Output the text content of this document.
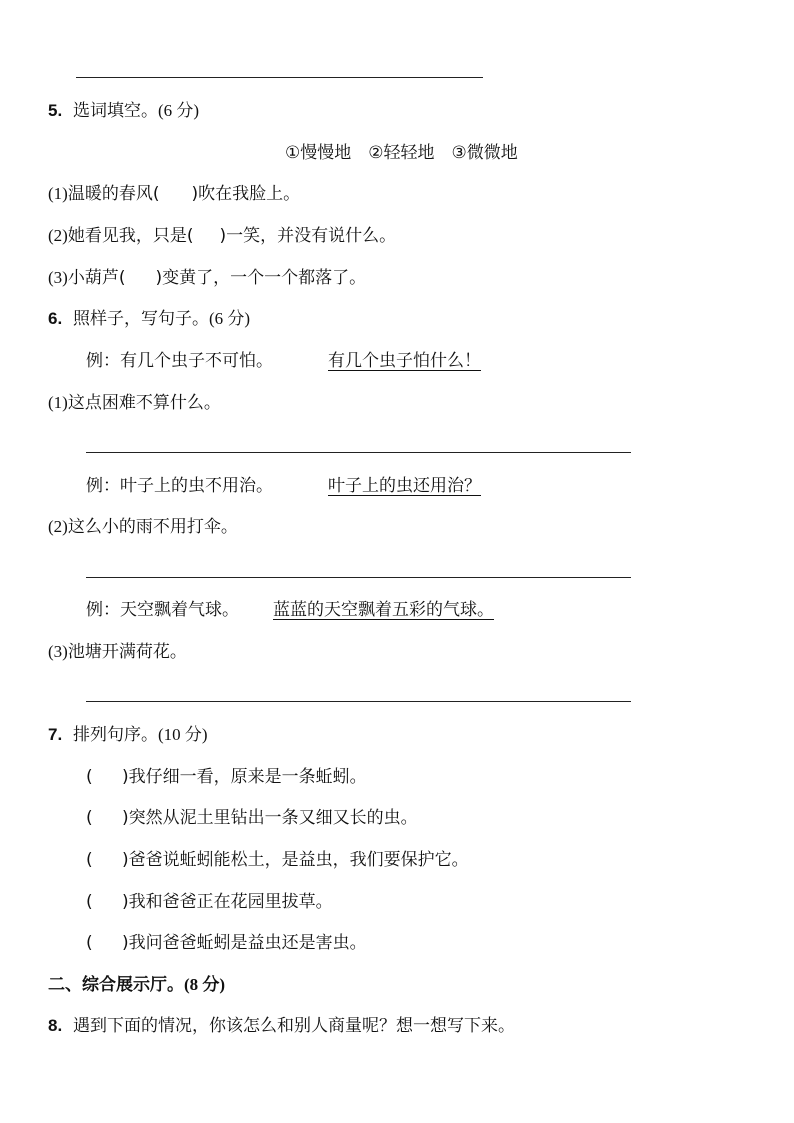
5. 选词填空。(6 分)
①慢慢地　②轻轻地　③微微地
(1)温暖的春风( )吹在我脸上。
(2)她看见我，只是( )一笑，并没有说什么。
(3)小葫芦( )变黄了，一个一个都落了。
6. 照样子，写句子。(6 分)
例：有几个虫子不可怕。	有几个虫子怕什么！
(1)这点困难不算什么。
例：叶子上的虫不用治。	叶子上的虫还用治？
(2)这么小的雨不用打伞。
例：天空飘着气球。 蓝蓝的天空飘着五彩的气球。
(3)池塘开满荷花。
7. 排列句序。(10 分)
( )我仔细一看，原来是一条蚯蚓。
( )突然从泥土里钻出一条又细又长的虫。
( )爸爸说蚯蚓能松土，是益虫，我们要保护它。
( )我和爸爸正在花园里拔草。
( )我问爸爸蚯蚓是益虫还是害虫。
二、综合展示厅。(8 分)
8. 遇到下面的情况，你该怎么和别人商量呢？想一想写下来。
